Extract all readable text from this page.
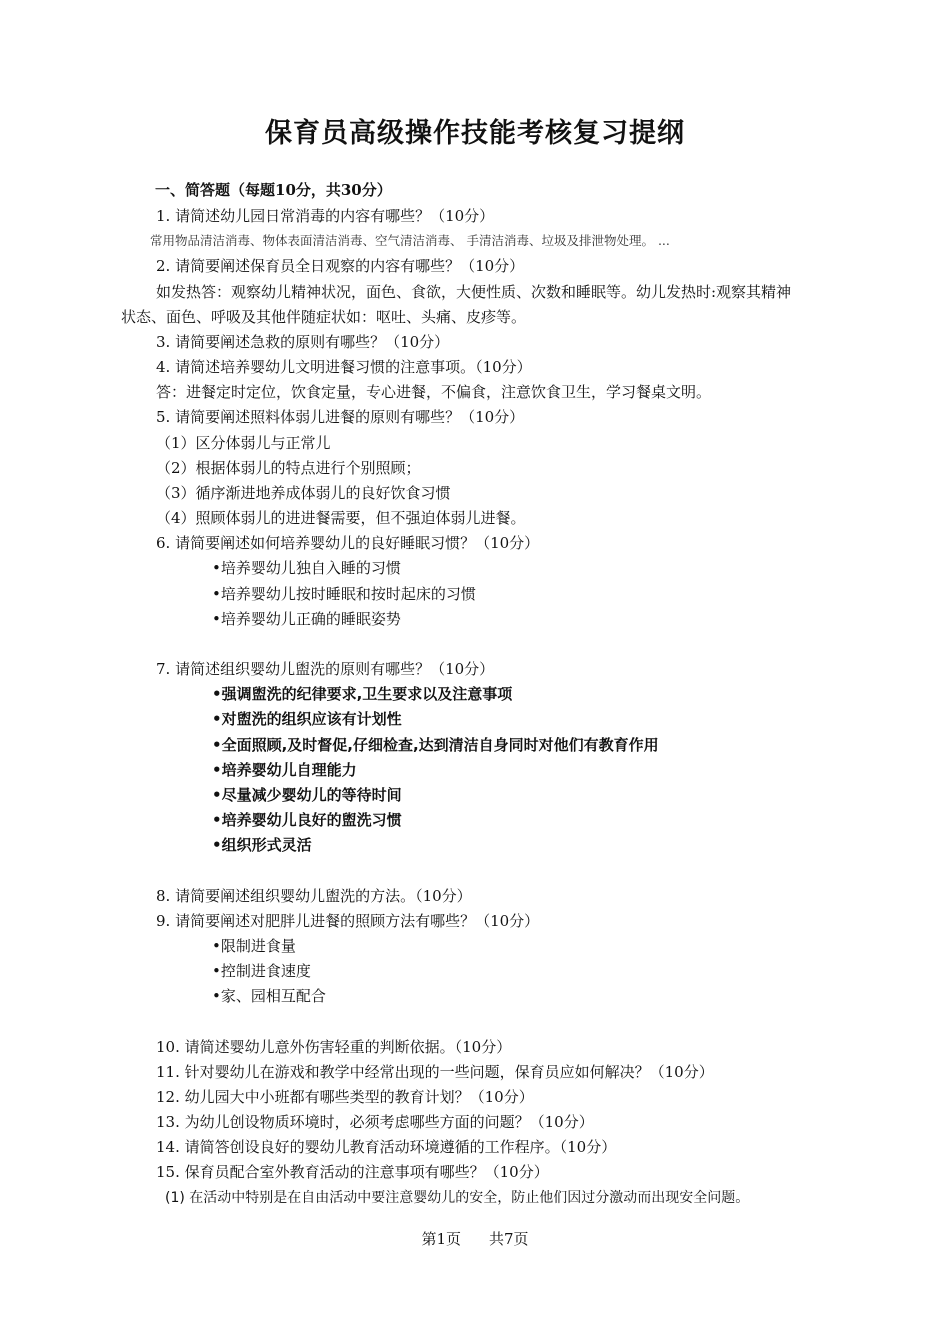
保育员高级操作技能考核复习提纲
一、简答题（每题10分，共30分）
1. 请简述幼儿园日常消毒的内容有哪些？（10分）
常用物品清洁消毒、物体表面清洁消毒、空气清洁消毒、 手清洁消毒、垃圾及排泄物处理。 ...
2. 请简要阐述保育员全日观察的内容有哪些？（10分）
如发热答：观察幼儿精神状况，面色、食欲，大便性质、次数和睡眠等。幼儿发热时:观察其精神
状态、面色、呼吸及其他伴随症状如：呕吐、头痛、皮疹等。
3. 请简要阐述急救的原则有哪些？（10分）
4. 请简述培养婴幼儿文明进餐习惯的注意事项。（10分）
答：进餐定时定位，饮食定量，专心进餐，不偏食，注意饮食卫生，学习餐桌文明。
5. 请简要阐述照料体弱儿进餐的原则有哪些？（10分）
（1）区分体弱儿与正常儿
（2）根据体弱儿的特点进行个别照顾；
（3）循序渐进地养成体弱儿的良好饮食习惯
（4）照顾体弱儿的进进餐需要，但不强迫体弱儿进餐。
6. 请简要阐述如何培养婴幼儿的良好睡眠习惯？（10分）
•培养婴幼儿独自入睡的习惯
•培养婴幼儿按时睡眠和按时起床的习惯
•培养婴幼儿正确的睡眠姿势
7. 请简述组织婴幼儿盥洗的原则有哪些？（10分）
•强调盥洗的纪律要求,卫生要求以及注意事项
•对盥洗的组织应该有计划性
•全面照顾,及时督促,仔细检查,达到清洁自身同时对他们有教育作用
•培养婴幼儿自理能力
•尽量减少婴幼儿的等待时间
•培养婴幼儿良好的盥洗习惯
•组织形式灵活
8. 请简要阐述组织婴幼儿盥洗的方法。（10分）
9. 请简要阐述对肥胖儿进餐的照顾方法有哪些？（10分）
•限制进食量
•控制进食速度
•家、园相互配合
10. 请简述婴幼儿意外伤害轻重的判断依据。（10分）
11. 针对婴幼儿在游戏和教学中经常出现的一些问题，保育员应如何解决？（10分）
12. 幼儿园大中小班都有哪些类型的教育计划？（10分）
13. 为幼儿创设物质环境时，必须考虑哪些方面的问题？（10分）
14. 请简答创设良好的婴幼儿教育活动环境遵循的工作程序。（10分）
15. 保育员配合室外教育活动的注意事项有哪些？（10分）
(1) 在活动中特别是在自由活动中要注意婴幼儿的安全，防止他们因过分激动而出现安全问题。
第1页 共7页
